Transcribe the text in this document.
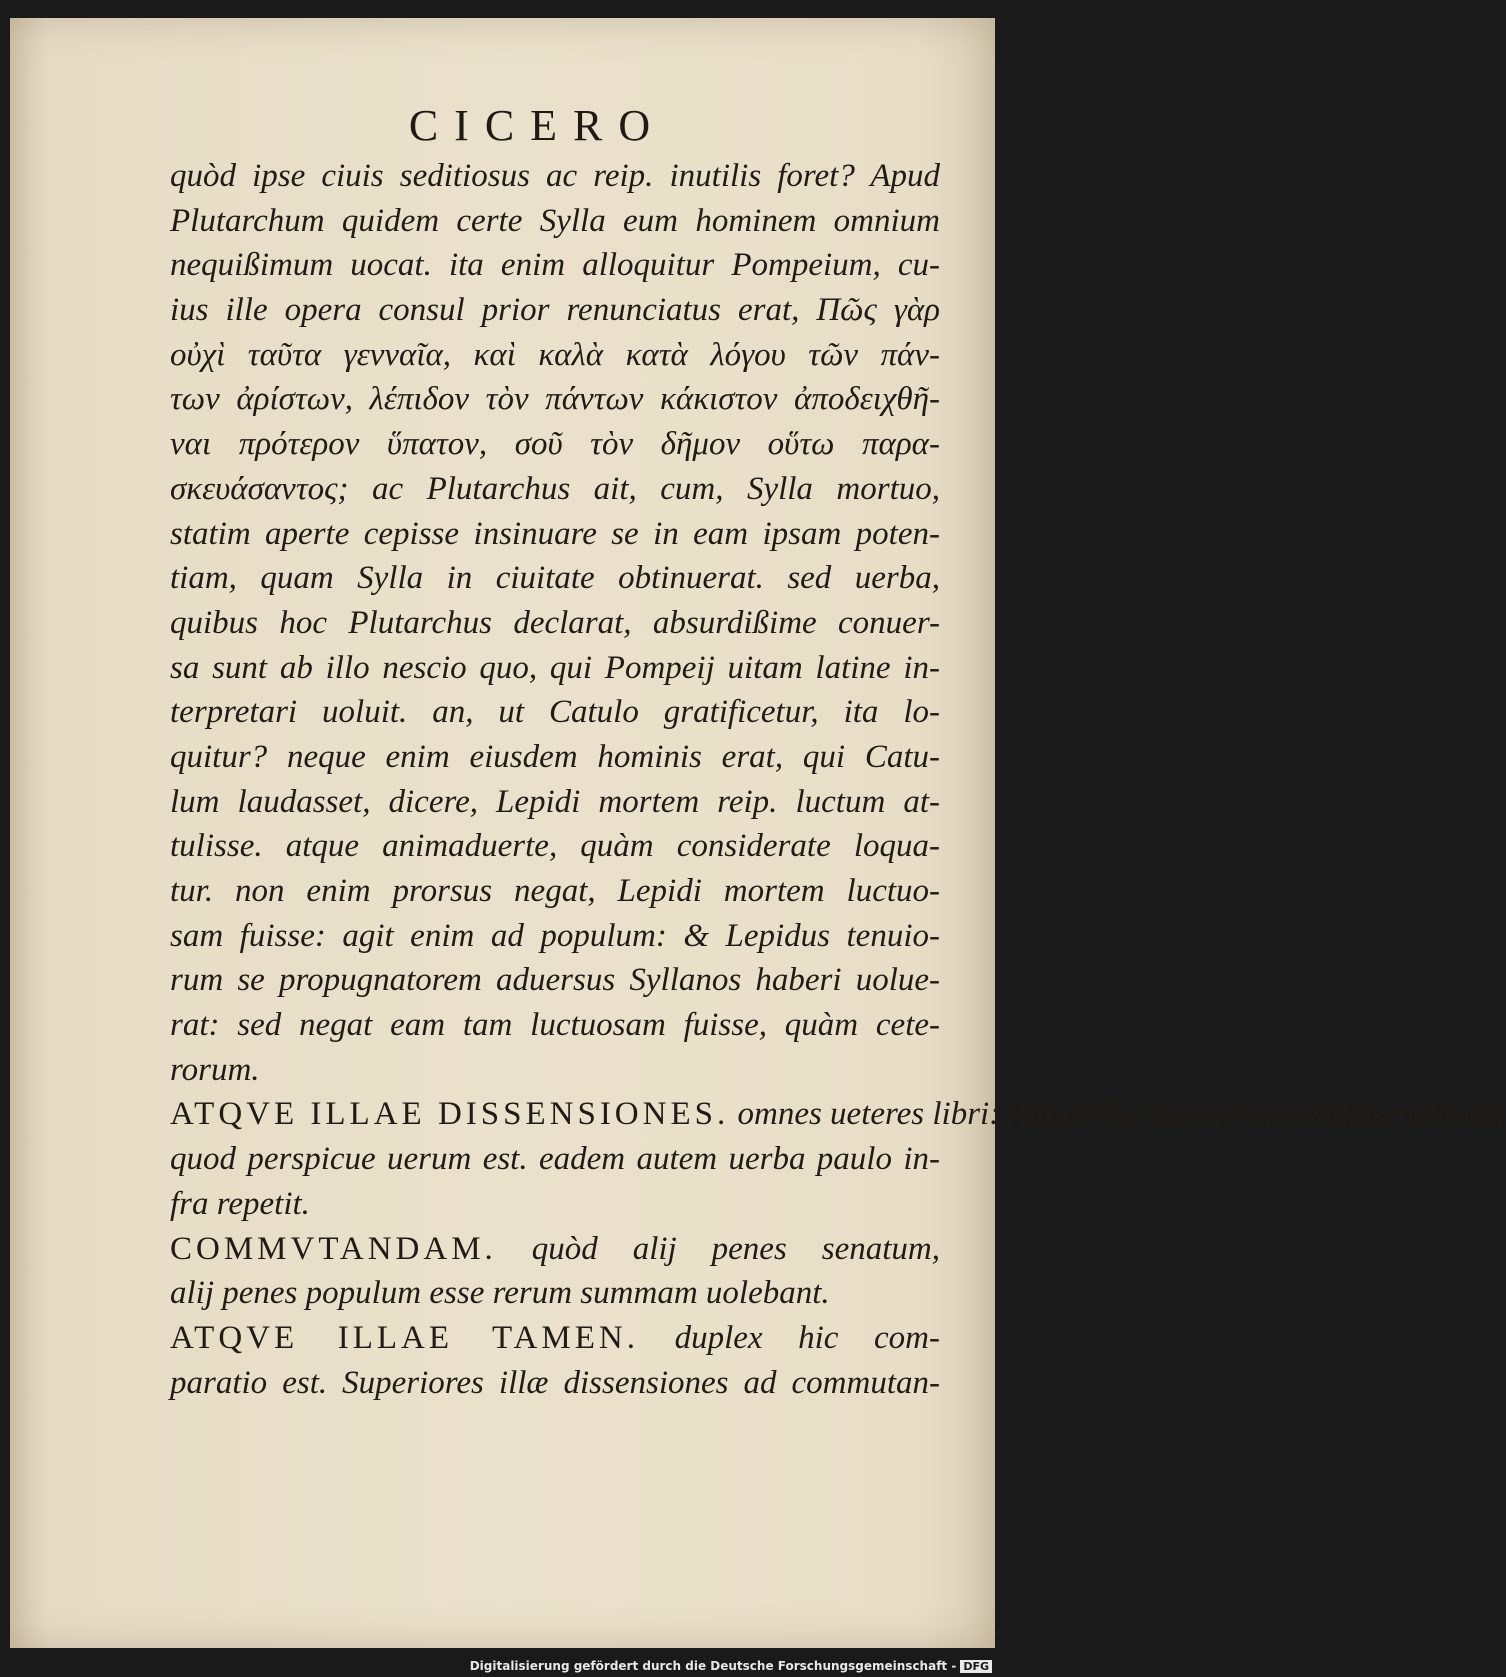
CICERO
quòd ipse ciuis seditiosus ac reip. inutilis foret? Apud
Plutarchum quidem certe Sylla eum hominem omnium
nequißimum uocat. ita enim alloquitur Pompeium, cu-
ius ille opera consul prior renunciatus erat, Πῶς γὰρ
οὐχὶ ταῦτα γενναῖα, καὶ καλὰ κατὰ λόγου τῶν πάν-
των ἀρίστων, λέπιδον τὸν πάντων κάκιστον ἀποδειχθῆ-
ναι πρότερον ὕπατον, σοῦ τὸν δῆμον οὕτω παρα-
σκευάσαντος; ac Plutarchus ait, cum, Sylla mortuo,
statim aperte cepisse insinuare se in eam ipsam poten-
tiam, quam Sylla in ciuitate obtinuerat. sed uerba,
quibus hoc Plutarchus declarat, absurdißime conuer-
sa sunt ab illo nescio quo, qui Pompeij uitam latine in-
terpretari uoluit. an, ut Catulo gratificetur, ita lo-
quitur? neque enim eiusdem hominis erat, qui Catu-
lum laudasset, dicere, Lepidi mortem reip. luctum at-
tulisse. atque animaduerte, quàm considerate loqua-
tur. non enim prorsus negat, Lepidi mortem luctuo-
sam fuisse: agit enim ad populum: & Lepidus tenuio-
rum se propugnatorem aduersus Syllanos haberi uolue-
rat: sed negat eam tam luctuosam fuisse, quàm cete-
rorum.
ATQVE ILLAE DISSENSIONES. omnes ueteres libri: Atque illæ tamen omnes dissensiones.
quod perspicue uerum est. eadem autem uerba paulo in-
fra repetit.
COMMVTANDAM. quòd alij penes senatum,
alij penes populum esse rerum summam uolebant.
ATQVE ILLAE TAMEN. duplex hic com-
paratio est. Superiores illæ dissensiones ad commutan-
Digitalisierung gefördert durch die Deutsche Forschungsgemeinschaft - DFG
